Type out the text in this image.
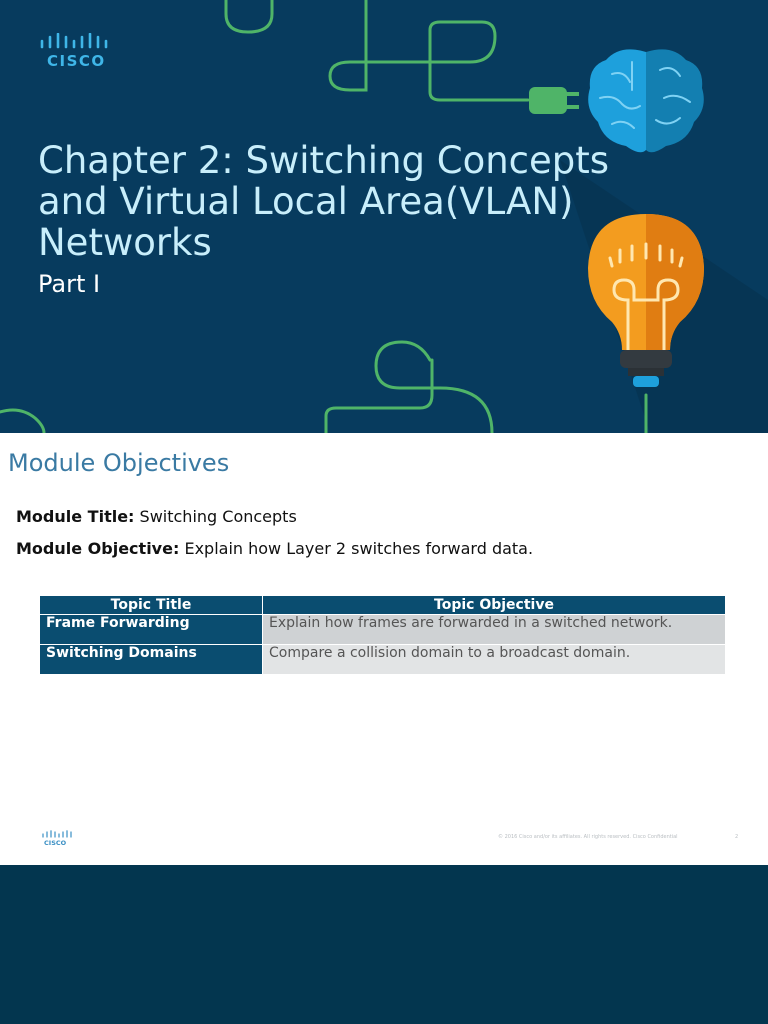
CISCO
Chapter 2: Switching Concepts and Virtual Local Area(VLAN) Networks
Part I
Module Objectives
Module Title: Switching Concepts
Module Objective: Explain how Layer 2 switches forward data.
Topic Title	Topic Objective
Frame Forwarding	Explain how frames are forwarded in a switched network.
Switching Domains	Compare a collision domain to a broadcast domain.
CISCO
© 2016 Cisco and/or its affiliates. All rights reserved. Cisco Confidential	2
